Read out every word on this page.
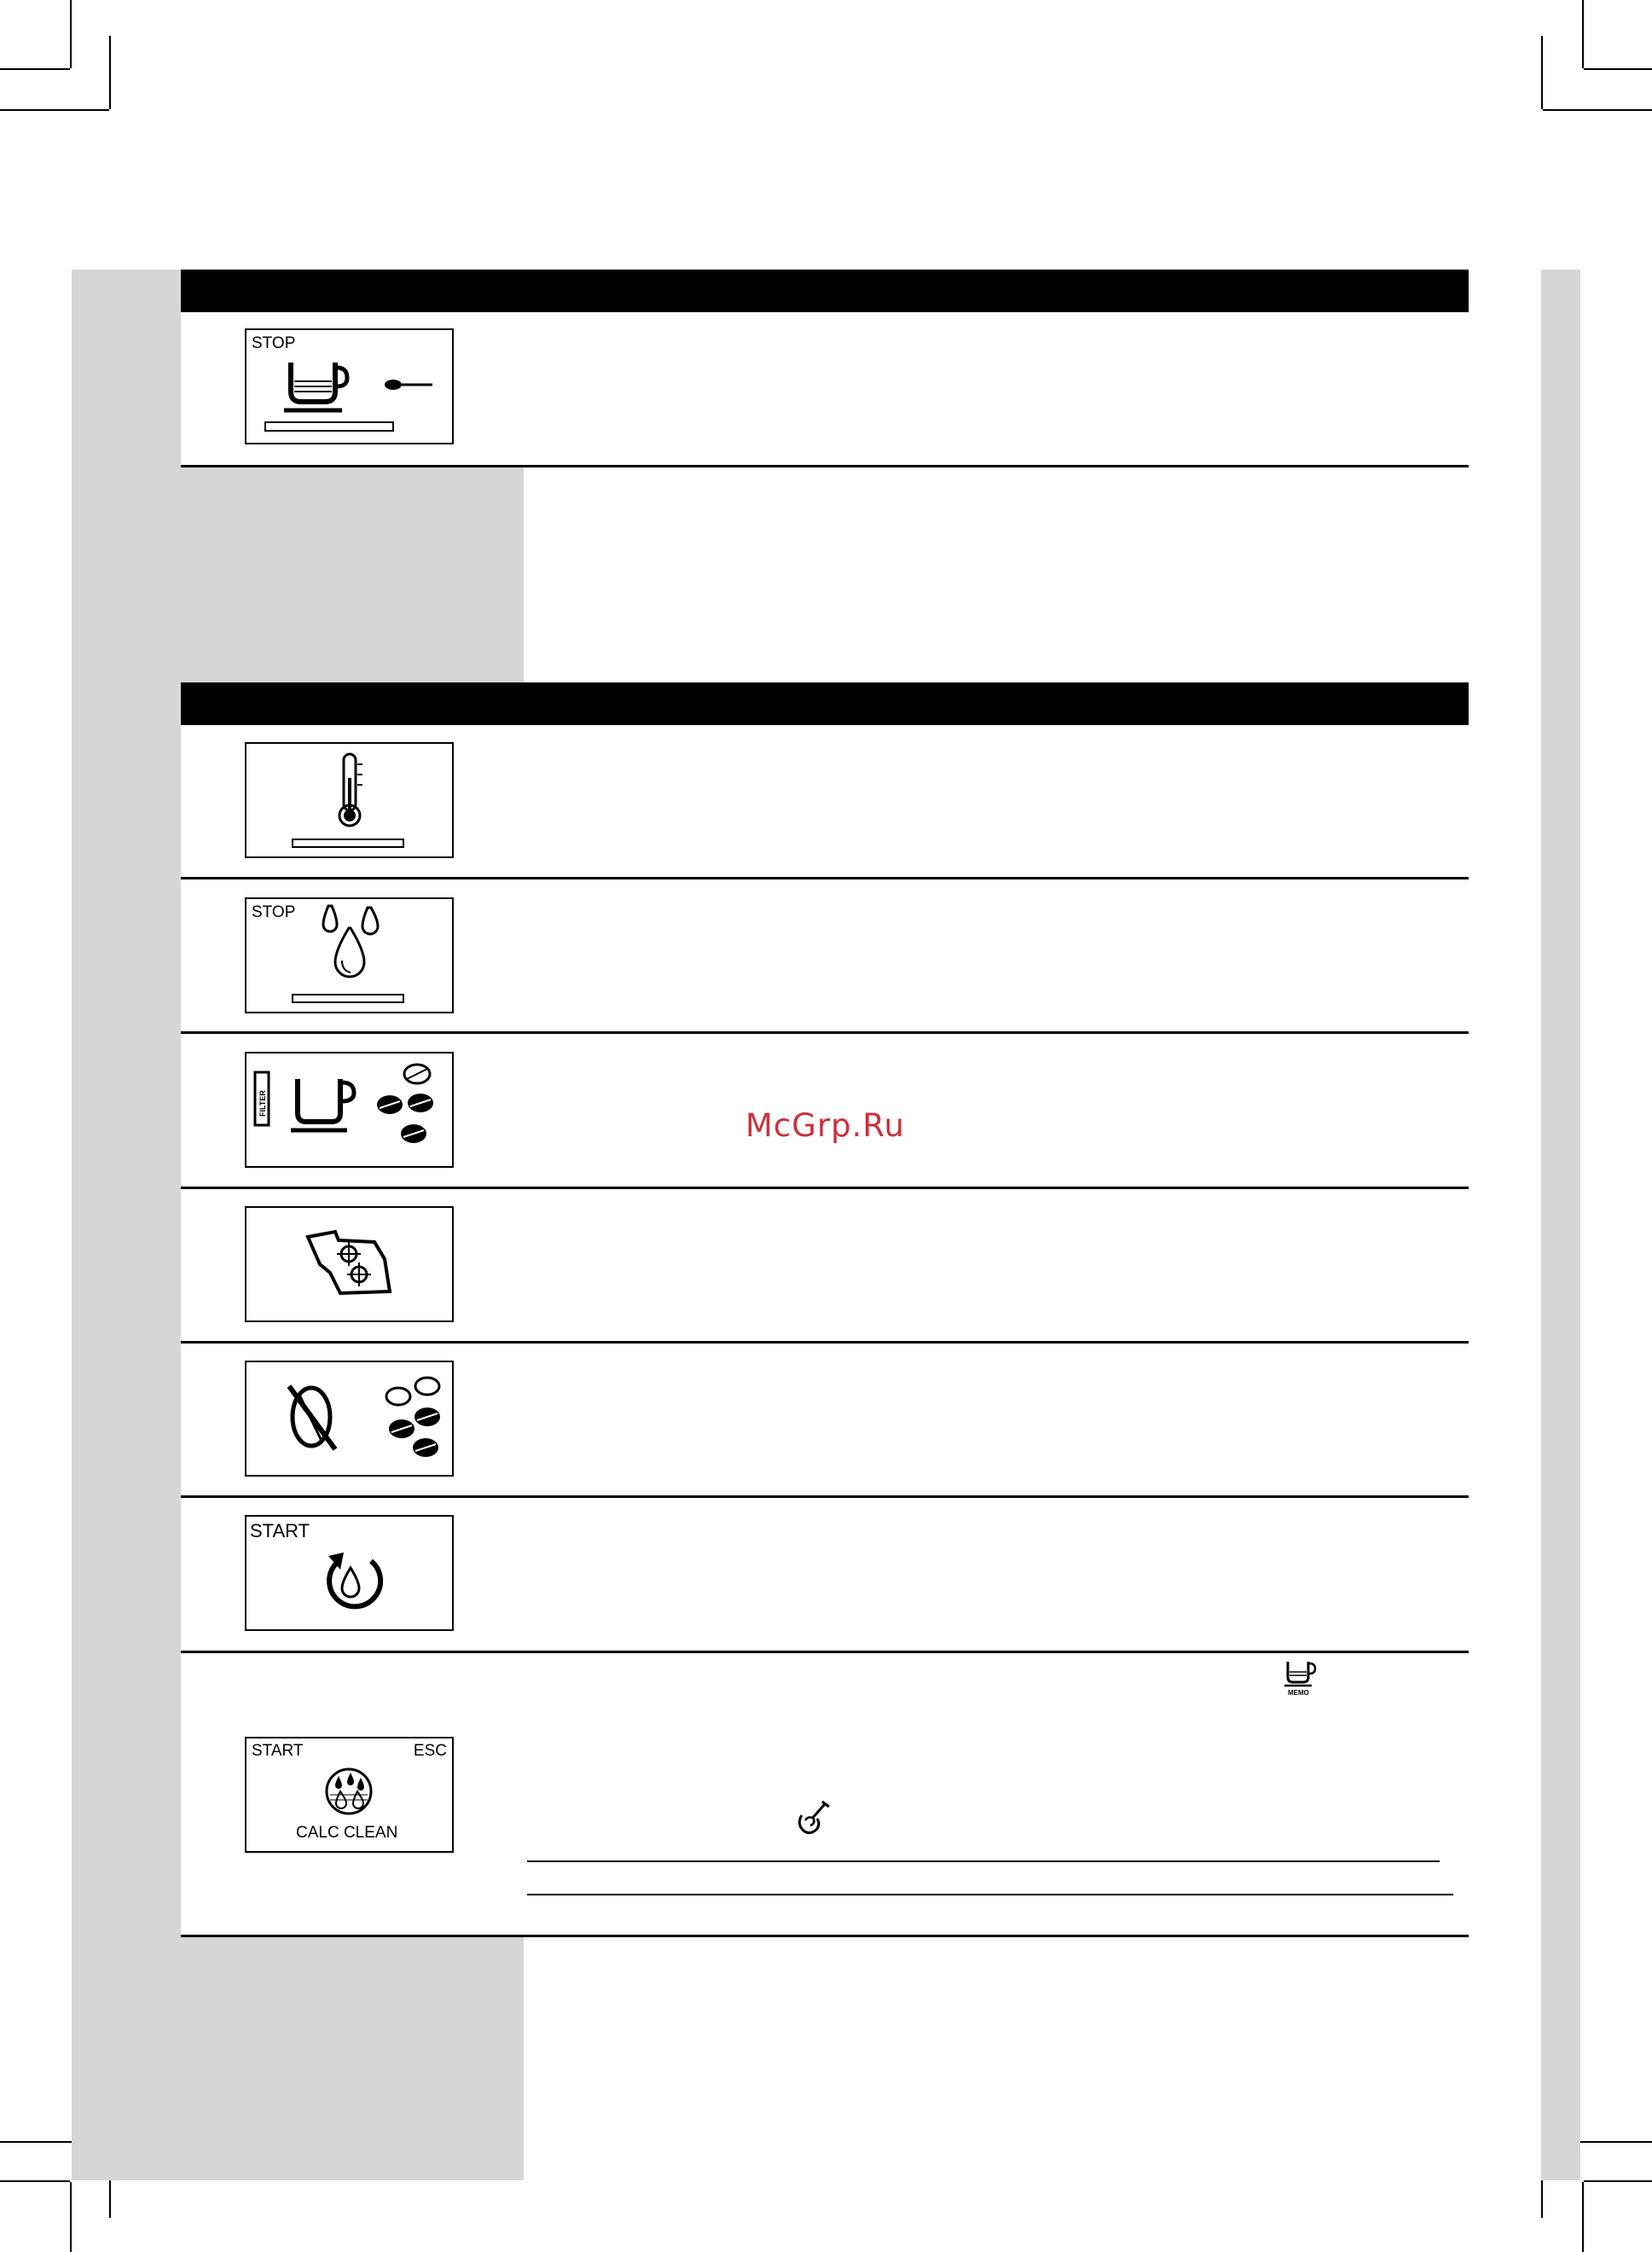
STOP
STOP
FILTER
START
START	ESC
CALC CLEAN
MEMO
McGrp.Ru
